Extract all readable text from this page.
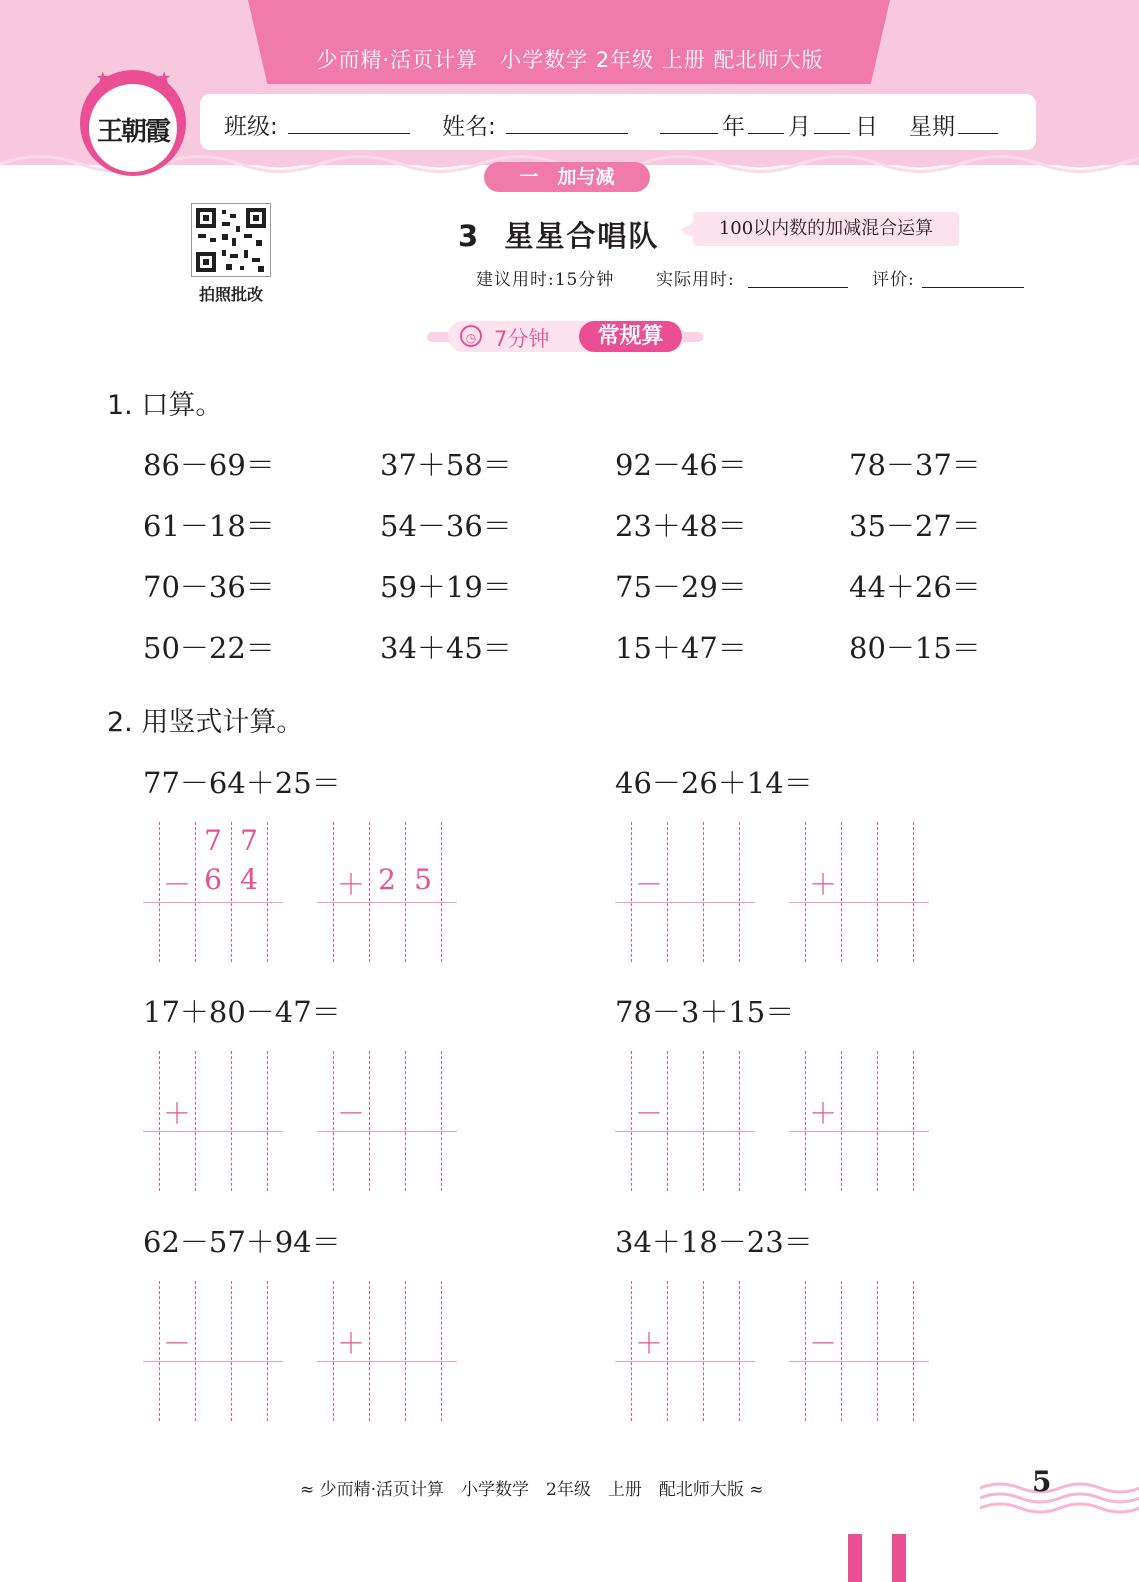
少而精·活页计算　小学数学 2年级 上册 配北师大版
★★★★★
王朝霞	班级:	姓名:	年 月 日 星期
一　加与减
拍照批改
3 星星合唱队	100以内数的加减混合运算
建议用时:15分钟 实际用时:	评价:
◷ 7分钟	常规算
1. 口算。
86－69＝	37＋58＝	92－46＝	78－37＝
61－18＝	54－36＝	23＋48＝	35－27＝
70－36＝	59＋19＝	75－29＝	44＋26＝
50－22＝	34＋45＝	15＋47＝	80－15＝
2. 用竖式计算。
77－64＋25＝
7 7
－ 6 4	＋ 2 5
46－26＋14＝
－	＋
17＋80－47＝
＋	－
78－3＋15＝
－	＋
62－57＋94＝
－	＋
34＋18－23＝
＋	－
≈ 少而精·活页计算　小学数学　2年级　上册　配北师大版 ≈	5
